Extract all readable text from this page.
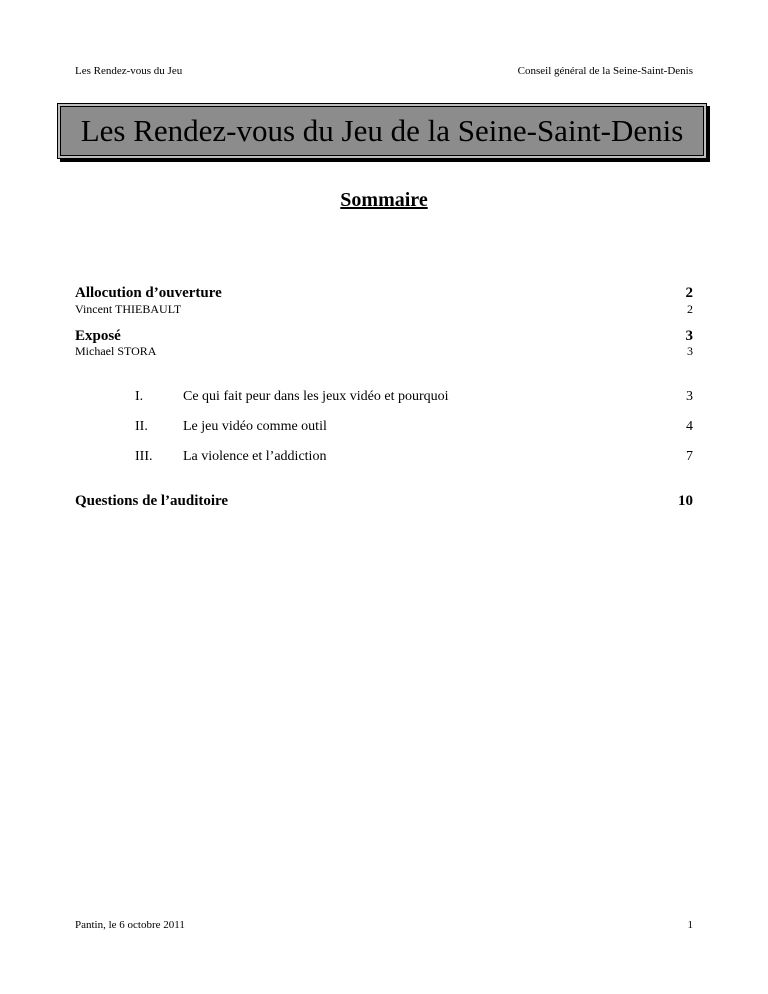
Les Rendez-vous du Jeu	Conseil général de la Seine-Saint-Denis
Les Rendez-vous du Jeu de la Seine-Saint-Denis
Sommaire
Allocution d’ouverture	2
Vincent THIEBAULT	2
Exposé	3
Michael STORA	3
I.	Ce qui fait peur dans les jeux vidéo et pourquoi	3
II.	Le jeu vidéo comme outil	4
III. La violence et l’addiction	7
Questions de l’auditoire	10
Pantin, le 6 octobre 2011	1
